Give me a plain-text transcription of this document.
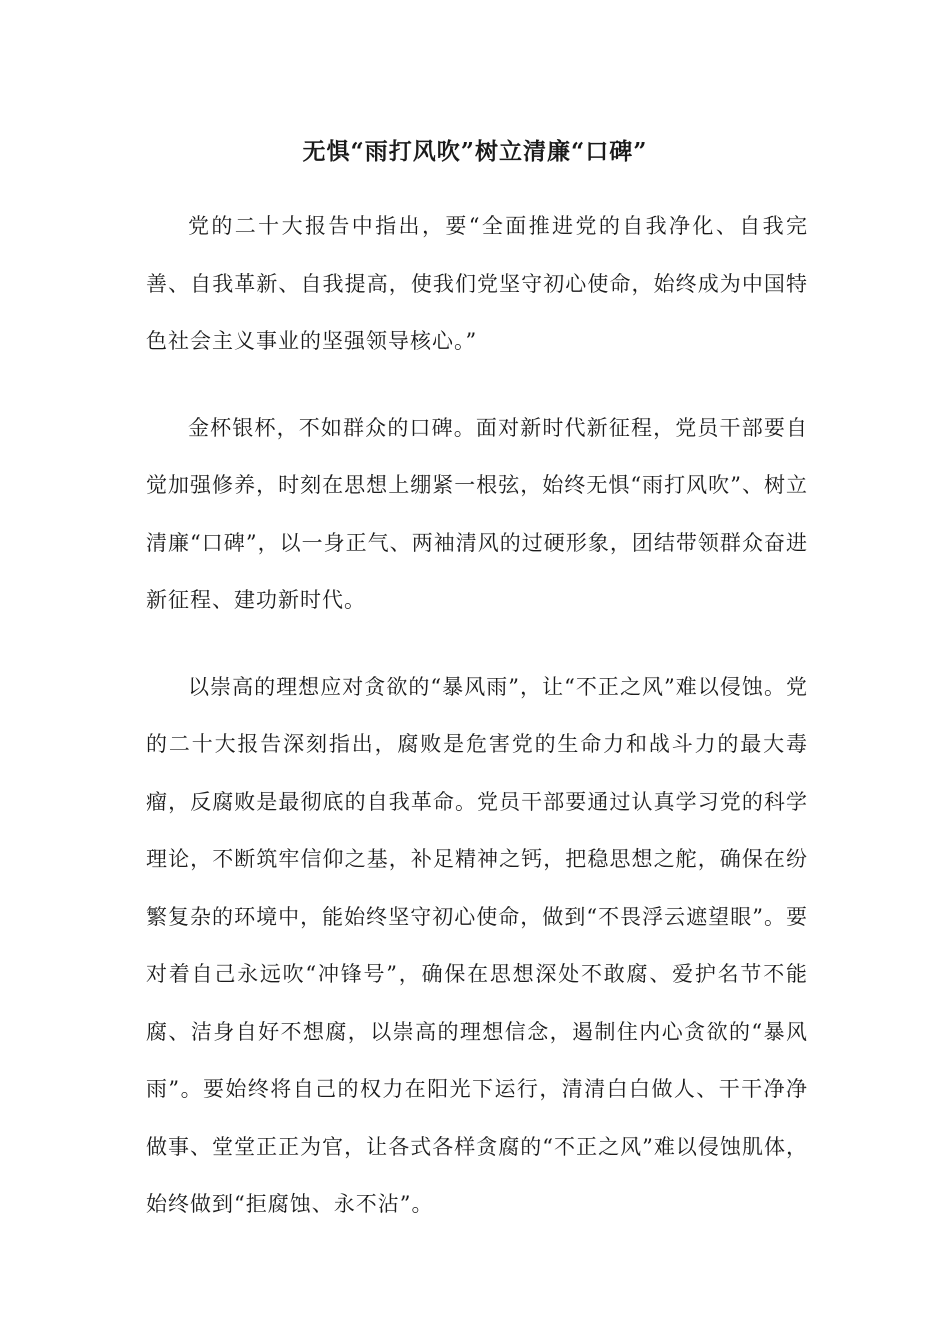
无惧“雨打风吹”树立清廉“口碑”

党的二十大报告中指出，要“全面推进党的自我净化、自我完善、自我革新、自我提高，使我们党坚守初心使命，始终成为中国特色社会主义事业的坚强领导核心。”

金杯银杯，不如群众的口碑。面对新时代新征程，党员干部要自觉加强修养，时刻在思想上绷紧一根弦，始终无惧“雨打风吹”、树立清廉“口碑”，以一身正气、两袖清风的过硬形象，团结带领群众奋进新征程、建功新时代。

以崇高的理想应对贪欲的“暴风雨”，让“不正之风”难以侵蚀。党的二十大报告深刻指出，腐败是危害党的生命力和战斗力的最大毒瘤，反腐败是最彻底的自我革命。党员干部要通过认真学习党的科学理论，不断筑牢信仰之基，补足精神之钙，把稳思想之舵，确保在纷繁复杂的环境中，能始终坚守初心使命，做到“不畏浮云遮望眼”。要对着自己永远吹“冲锋号”，确保在思想深处不敢腐、爱护名节不能腐、洁身自好不想腐，以崇高的理想信念，遏制住内心贪欲的“暴风雨”。要始终将自己的权力在阳光下运行，清清白白做人、干干净净做事、堂堂正正为官，让各式各样贪腐的“不正之风”难以侵蚀肌体，始终做到“拒腐蚀、永不沾”。
